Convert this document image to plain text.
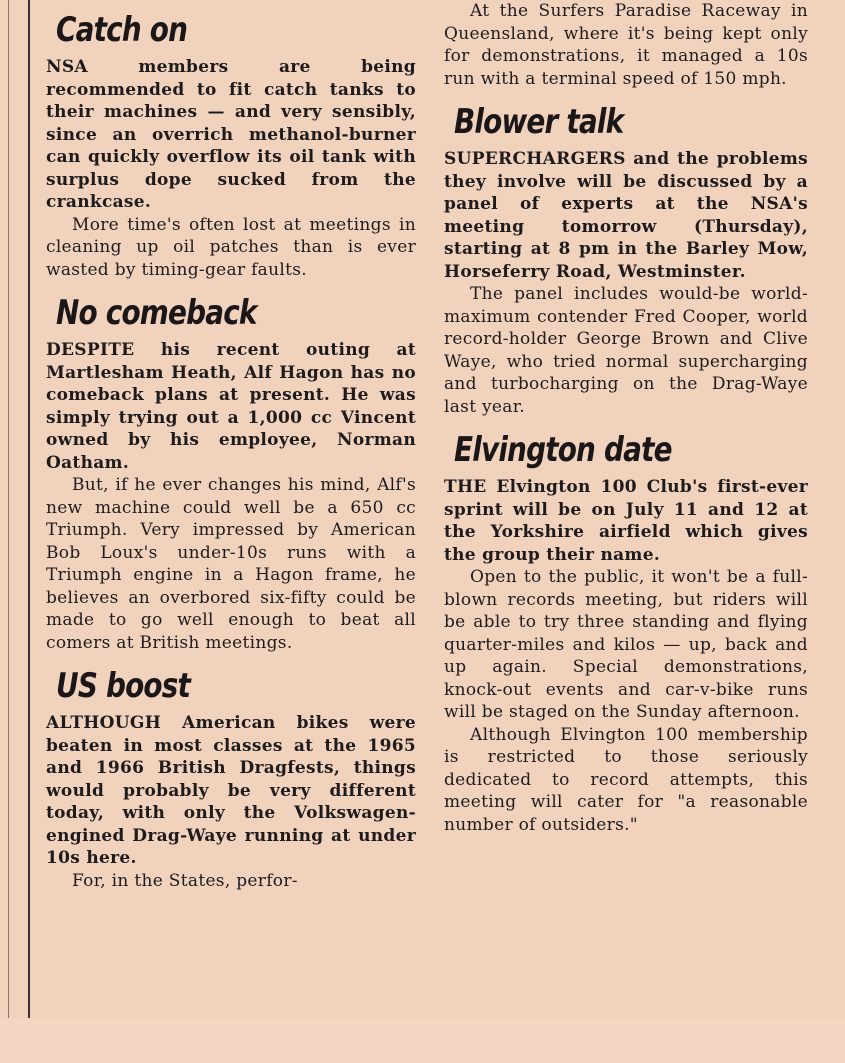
Catch on

NSA members are being recommended to fit catch tanks to their machines — and very sensibly, since an overrich methanol-burner can quickly overflow its oil tank with surplus dope sucked from the crankcase.

More time's often lost at meetings in cleaning up oil patches than is ever wasted by timing-gear faults.

No comeback

DESPITE his recent outing at Martlesham Heath, Alf Hagon has no comeback plans at present. He was simply trying out a 1,000 cc Vincent owned by his employee, Norman Oatham.

But, if he ever changes his mind, Alf's new machine could well be a 650 cc Triumph. Very impressed by American Bob Loux's under-10s runs with a Triumph engine in a Hagon frame, he believes an overbored six-fifty could be made to go well enough to beat all comers at British meetings.

US boost

ALTHOUGH American bikes were beaten in most classes at the 1965 and 1966 British Dragfests, things would probably be very different today, with only the Volkswagen-engined Drag-Waye running at under 10s here.

For, in the States, perfor-

At the Surfers Paradise Raceway in Queensland, where it's being kept only for demonstrations, it managed a 10s run with a terminal speed of 150 mph.

Blower talk

SUPERCHARGERS and the problems they involve will be discussed by a panel of experts at the NSA's meeting tomorrow (Thursday), starting at 8 pm in the Barley Mow, Horseferry Road, Westminster.

The panel includes would-be world-maximum contender Fred Cooper, world record-holder George Brown and Clive Waye, who tried normal supercharging and turbocharging on the Drag-Waye last year.

Elvington date

THE Elvington 100 Club's first-ever sprint will be on July 11 and 12 at the Yorkshire airfield which gives the group their name.

Open to the public, it won't be a full-blown records meeting, but riders will be able to try three standing and flying quarter-miles and kilos — up, back and up again. Special demonstrations, knock-out events and car-v-bike runs will be staged on the Sunday afternoon.

Although Elvington 100 membership is restricted to those seriously dedicated to record attempts, this meeting will cater for "a reasonable number of outsiders."
